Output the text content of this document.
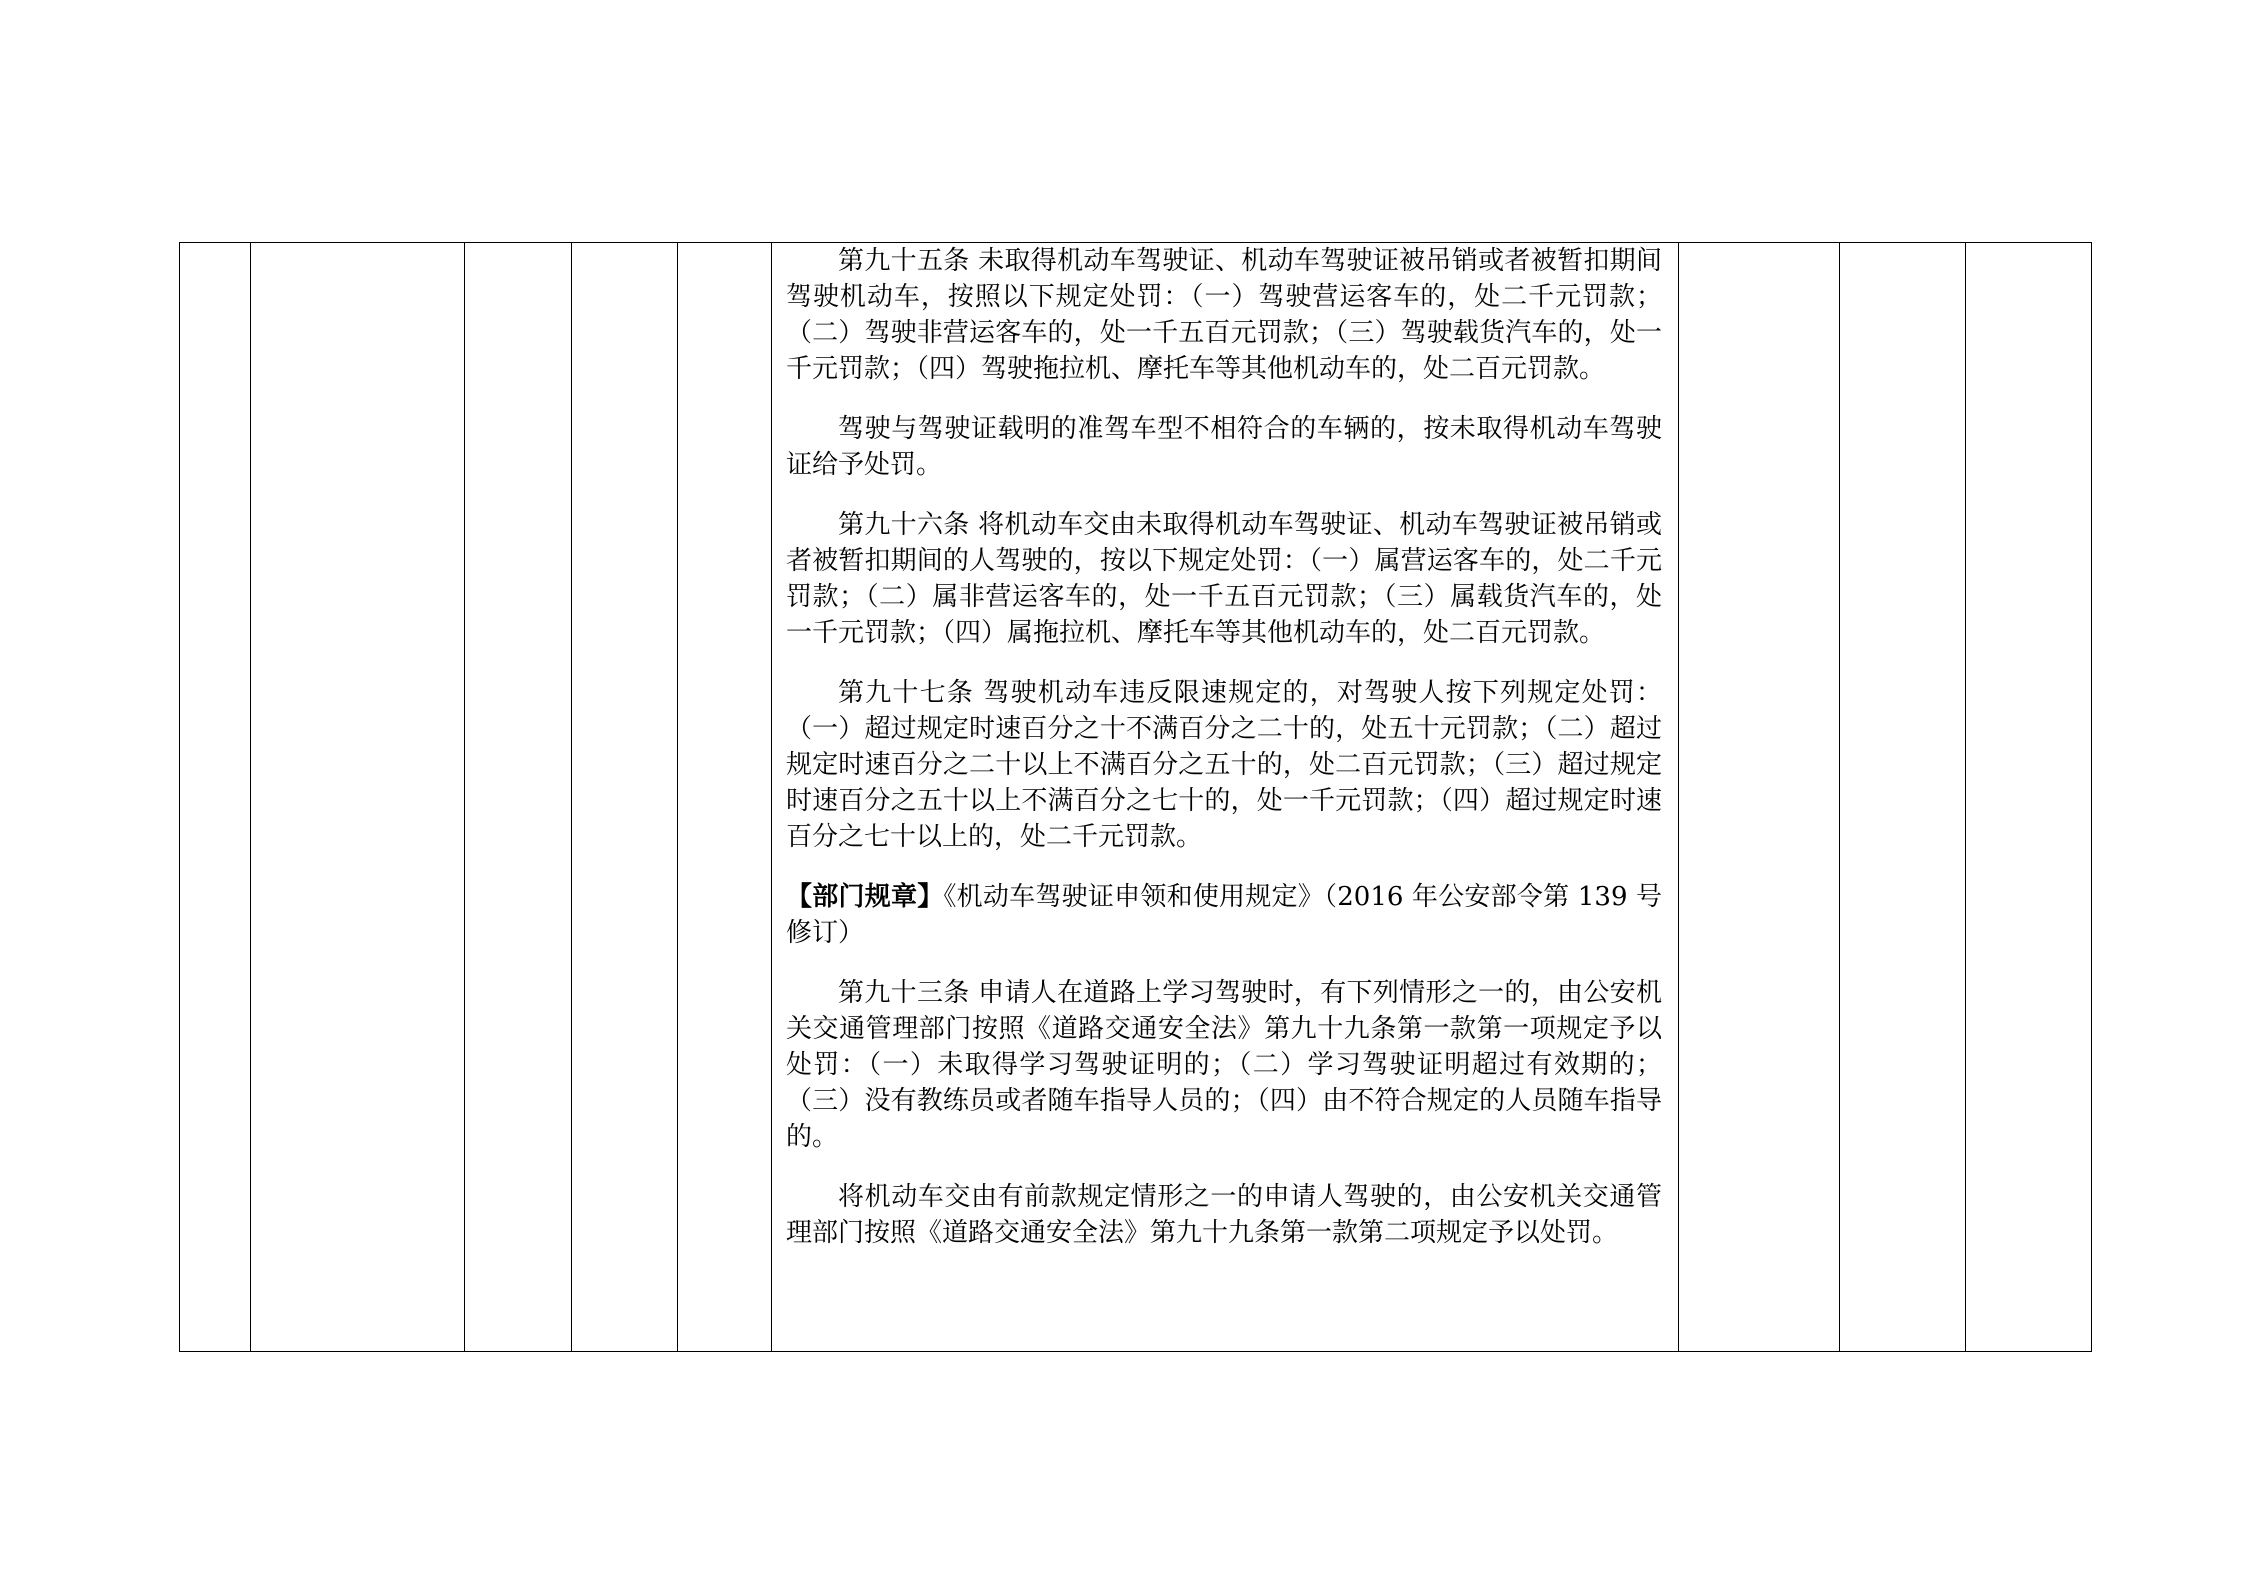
第九十五条 未取得机动车驾驶证、机动车驾驶证被吊销或者被暂扣期间驾驶机动车，按照以下规定处罚：（一）驾驶营运客车的，处二千元罚款；（二）驾驶非营运客车的，处一千五百元罚款；（三）驾驶载货汽车的，处一千元罚款；（四）驾驶拖拉机、摩托车等其他机动车的，处二百元罚款。

驾驶与驾驶证载明的准驾车型不相符合的车辆的，按未取得机动车驾驶证给予处罚。

第九十六条 将机动车交由未取得机动车驾驶证、机动车驾驶证被吊销或者被暂扣期间的人驾驶的，按以下规定处罚：（一）属营运客车的，处二千元罚款；（二）属非营运客车的，处一千五百元罚款；（三）属载货汽车的，处一千元罚款；（四）属拖拉机、摩托车等其他机动车的，处二百元罚款。

第九十七条 驾驶机动车违反限速规定的，对驾驶人按下列规定处罚：（一）超过规定时速百分之十不满百分之二十的，处五十元罚款；（二）超过规定时速百分之二十以上不满百分之五十的，处二百元罚款；（三）超过规定时速百分之五十以上不满百分之七十的，处一千元罚款；（四）超过规定时速百分之七十以上的，处二千元罚款。

【部门规章】《机动车驾驶证申领和使用规定》（2016 年公安部令第 139 号修订）

第九十三条 申请人在道路上学习驾驶时，有下列情形之一的，由公安机关交通管理部门按照《道路交通安全法》第九十九条第一款第一项规定予以处罚：（一）未取得学习驾驶证明的；（二）学习驾驶证明超过有效期的；（三）没有教练员或者随车指导人员的；（四）由不符合规定的人员随车指导的。

将机动车交由有前款规定情形之一的申请人驾驶的，由公安机关交通管理部门按照《道路交通安全法》第九十九条第一款第二项规定予以处罚。
